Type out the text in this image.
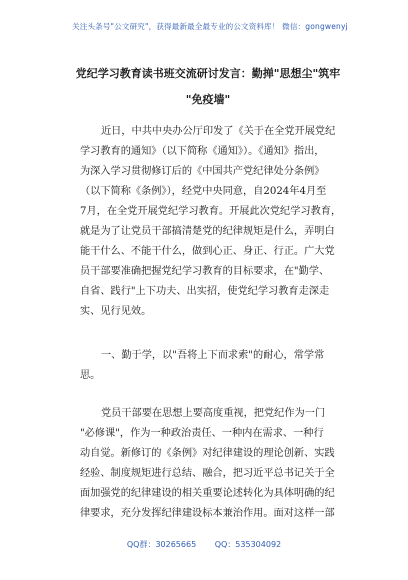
关注头条号"公文研究"，获得最新最全最专业的公文资料库！ 微信：gongwenyj
党纪学习教育读书班交流研讨发言：勤掸"思想尘"筑牢
"免疫墙"
近日，中共中央办公厅印发了《关于在全党开展党纪
学习教育的通知》（以下简称《通知》）。《通知》指出，
为深入学习贯彻修订后的《中国共产党纪律处分条例》
（以下简称《条例》），经党中央同意，自2024年4月至
7月，在全党开展党纪学习教育。开展此次党纪学习教育，
就是为了让党员干部搞清楚党的纪律规矩是什么，弄明白
能干什么、不能干什么，做到心正、身正、行正。广大党
员干部要准确把握党纪学习教育的目标要求，在"勤学、
自省、践行"上下功夫、出实招，使党纪学习教育走深走
实、见行见效。
一、勤于学，以"吾将上下而求索"的耐心，常学常
思。
党员干部要在思想上要高度重视，把党纪作为一门
"必修课"，作为一种政治责任、一种内在需求、一种行
动自觉。新修订的《条例》对纪律建设的理论创新、实践
经验、制度规矩进行总结、融合，把习近平总书记关于全
面加强党的纪律建设的相关重要论述转化为具体明确的纪
律要求，充分发挥纪律建设标本兼治作用。面对这样一部
QQ群：30265665 QQ：535304092
